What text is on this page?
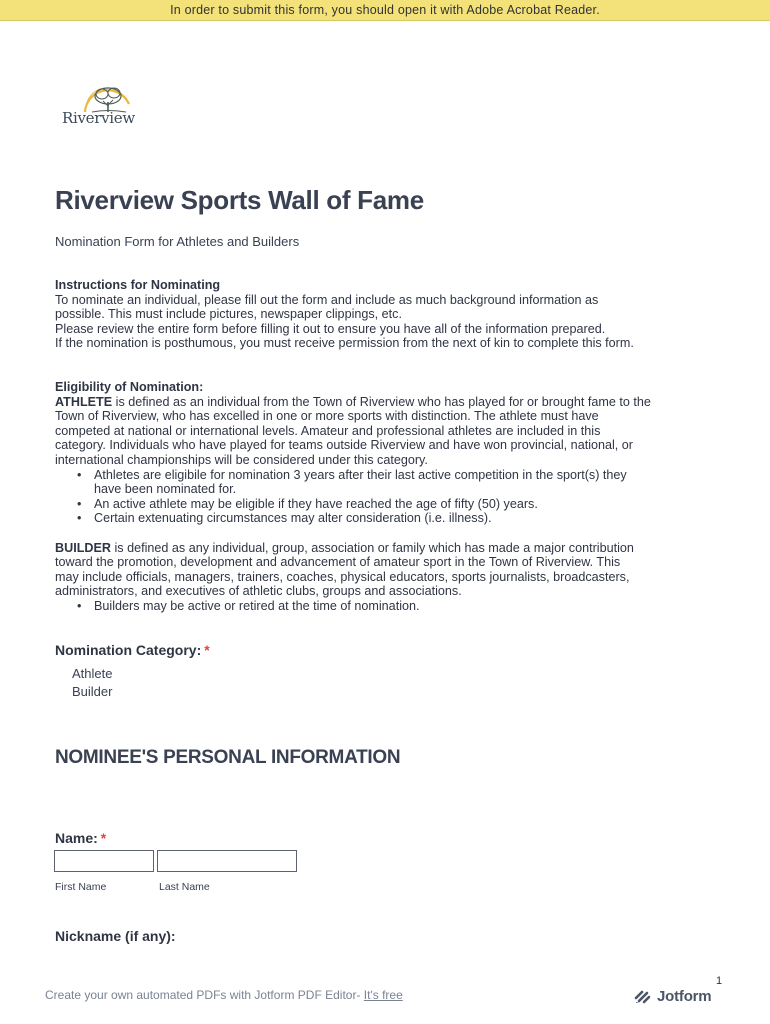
In order to submit this form, you should open it with Adobe Acrobat Reader.
Riverview
Riverview Sports Wall of Fame
Nomination Form for Athletes and Builders

Instructions for Nominating

To nominate an individual, please fill out the form and include as much background information as

possible. This must include pictures, newspaper clippings, etc.

Please review the entire form before filling it out to ensure you have all of the information prepared.

If the nomination is posthumous, you must receive permission from the next of kin to complete this form.

Eligibility of Nomination:

ATHLETE is defined as an individual from the Town of Riverview who has played for or brought fame to the

Town of Riverview, who has excelled in one or more sports with distinction. The athlete must have

competed at national or international levels. Amateur and professional athletes are included in this

category. Individuals who have played for teams outside Riverview and have won provincial, national, or

international championships will be considered under this category.

• Athletes are eligibile for nomination 3 years after their last active competition in the sport(s) they
have been nominated for.
• An active athlete may be eligible if they have reached the age of fifty (50) years.
• Certain extenuating circumstances may alter consideration (i.e. illness).

BUILDER is defined as any individual, group, association or family which has made a major contribution

toward the promotion, development and advancement of amateur sport in the Town of Riverview. This

may include officials, managers, trainers, coaches, physical educators, sports journalists, broadcasters,

administrators, and executives of athletic clubs, groups and associations.

• Builders may be active or retired at the time of nomination.
Nomination Category: *
Athlete
Builder
NOMINEE'S PERSONAL INFORMATION
Name: *
First Name	Last Name
Nickname (if any):
1
Create your own automated PDFs with Jotform PDF Editor- It's free	Jotform
